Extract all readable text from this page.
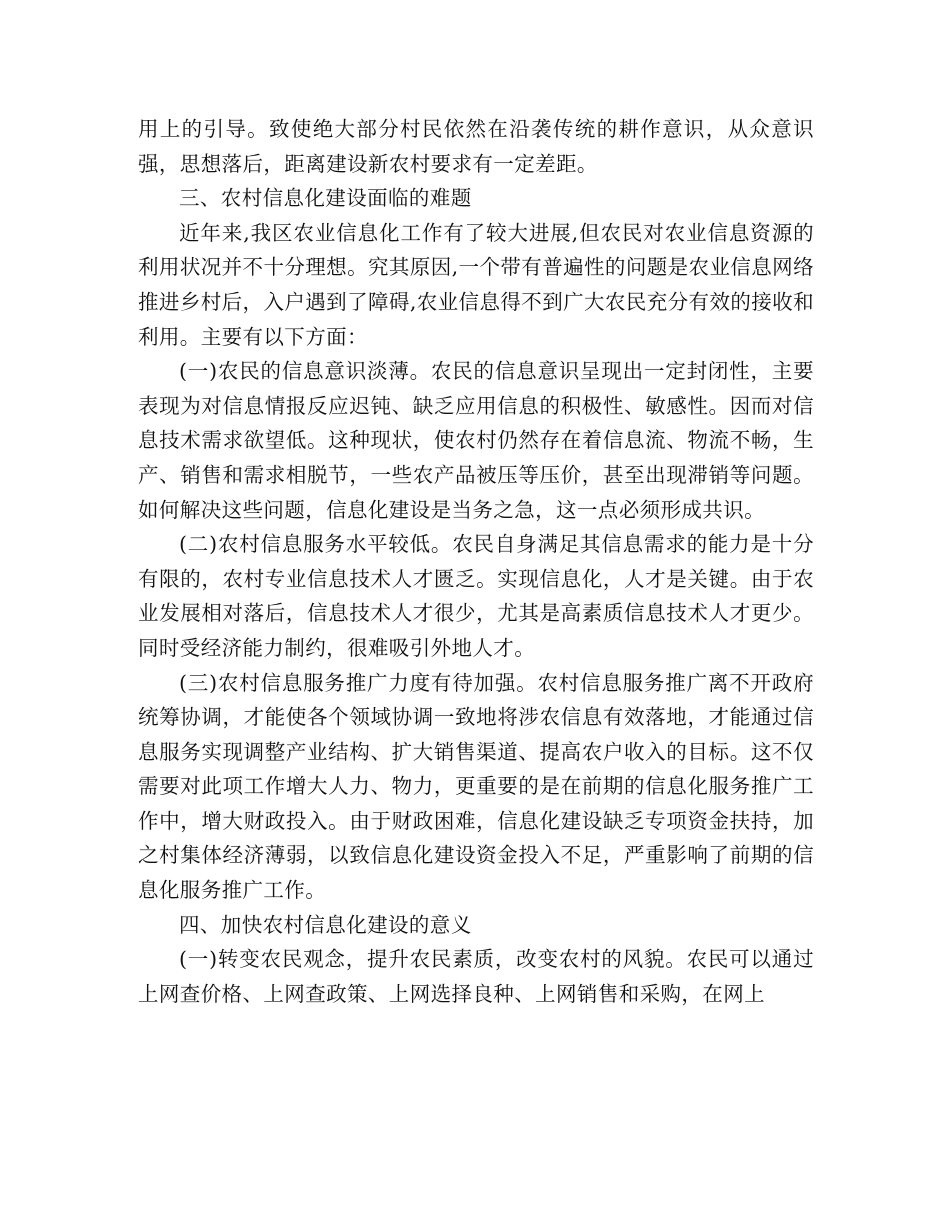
用上的引导。致使绝大部分村民依然在沿袭传统的耕作意识，从众意识强，思想落后，距离建设新农村要求有一定差距。

三、农村信息化建设面临的难题

近年来,我区农业信息化工作有了较大进展,但农民对农业信息资源的利用状况并不十分理想。究其原因,一个带有普遍性的问题是农业信息网络推进乡村后，入户遇到了障碍,农业信息得不到广大农民充分有效的接收和利用。主要有以下方面：

(一)农民的信息意识淡薄。农民的信息意识呈现出一定封闭性，主要表现为对信息情报反应迟钝、缺乏应用信息的积极性、敏感性。因而对信息技术需求欲望低。这种现状，使农村仍然存在着信息流、物流不畅，生产、销售和需求相脱节，一些农产品被压等压价，甚至出现滞销等问题。如何解决这些问题，信息化建设是当务之急，这一点必须形成共识。

(二)农村信息服务水平较低。农民自身满足其信息需求的能力是十分有限的，农村专业信息技术人才匮乏。实现信息化，人才是关键。由于农业发展相对落后，信息技术人才很少，尤其是高素质信息技术人才更少。同时受经济能力制约，很难吸引外地人才。

(三)农村信息服务推广力度有待加强。农村信息服务推广离不开政府统筹协调，才能使各个领域协调一致地将涉农信息有效落地，才能通过信息服务实现调整产业结构、扩大销售渠道、提高农户收入的目标。这不仅需要对此项工作增大人力、物力，更重要的是在前期的信息化服务推广工作中，增大财政投入。由于财政困难，信息化建设缺乏专项资金扶持，加之村集体经济薄弱，以致信息化建设资金投入不足，严重影响了前期的信息化服务推广工作。

四、加快农村信息化建设的意义

(一)转变农民观念，提升农民素质，改变农村的风貌。农民可以通过上网查价格、上网查政策、上网选择良种、上网销售和采购，在网上
